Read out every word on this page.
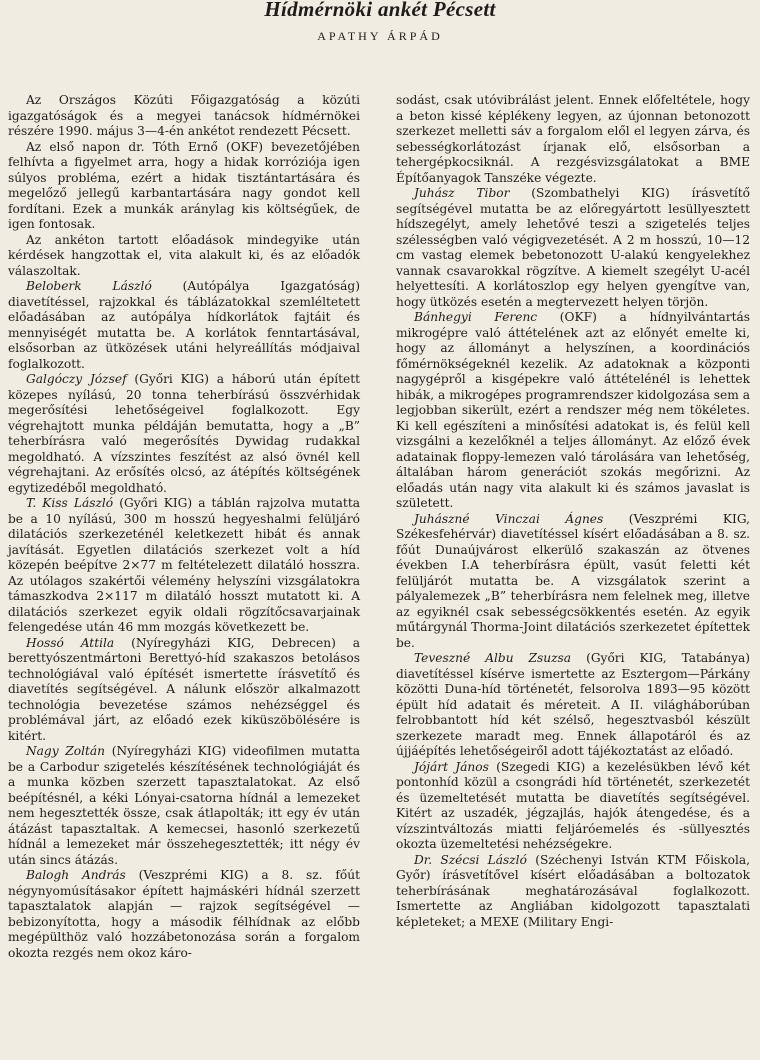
Hídmérnöki ankét Pécsett
APATHY ÁRPÁD

Az Országos Közúti Főigazgatóság a közúti igazgatóságok és a megyei tanácsok hídmérnökei részére 1990. május 3—4-én ankétot rendezett Pécsett.

Az első napon dr. Tóth Ernő (OKF) bevezetőjében felhívta a figyelmet arra, hogy a hidak korróziója igen súlyos probléma, ezért a hidak tisztántartására és megelőző jellegű karbantartására nagy gondot kell fordítani. Ezek a munkák aránylag kis költségűek, de igen fontosak.

Az ankéton tartott előadások mindegyike után kérdések hangzottak el, vita alakult ki, és az előadók válaszoltak.

Beloberk László (Autópálya Igazgatóság) diavetítéssel, rajzokkal és táblázatokkal szemléltetett előadásában az autópálya hídkorlátok fajtáit és mennyiségét mutatta be. A korlátok fenntartásával, elsősorban az ütközések utáni helyreállítás módjaival foglalkozott.

Galgóczy József (Győri KIG) a háború után épített közepes nyílású, 20 tonna teherbírású összvérhidak megerősítési lehetőségeivel foglalkozott. Egy végrehajtott munka példáján bemutatta, hogy a „B” teherbírásra való megerősítés Dywidag rudakkal megoldható. A vízszintes feszítést az alsó övnél kell végrehajtani. Az erősítés olcsó, az átépítés költségének egytizedéből megoldható.

T. Kiss László (Győri KIG) a táblán rajzolva mutatta be a 10 nyílású, 300 m hosszú hegyeshalmi felüljáró dilatációs szerkezeténél keletkezett hibát és annak javítását. Egyetlen dilatációs szerkezet volt a híd közepén beépítve 2×77 m feltételezett dilatáló hosszra. Az utólagos szakértői vélemény helyszíni vizsgálatokra támaszkodva 2×117 m dilatáló hosszt mutatott ki. A dilatációs szerkezet egyik oldali rögzítőcsavarjainak felengedése után 46 mm mozgás következett be.

Hossó Attila (Nyíregyházi KIG, Debrecen) a berettyószentmártoni Berettyó-híd szakaszos betolásos technológiával való építését ismertette írásvetítő és diavetítés segítségével. A nálunk először alkalmazott technológia bevezetése számos nehézséggel és problémával járt, az előadó ezek kiküszöbölésére is kitért.

Nagy Zoltán (Nyíregyházi KIG) videofilmen mutatta be a Carbodur szigetelés készítésének technológiáját és a munka közben szerzett tapasztalatokat. Az első beépítésnél, a kéki Lónyai-csatorna hídnál a lemezeket nem hegesztették össze, csak átlapolták; itt egy év után átázást tapasztaltak. A kemecsei, hasonló szerkezetű hídnál a lemezeket már összehegesztették; itt négy év után sincs átázás.

Balogh András (Veszprémi KIG) a 8. sz. főút négynyomúsításakor épített hajmáskéri hídnál szerzett tapasztalatok alapján — rajzok segítségével — bebizonyította, hogy a második félhídnak az előbb megépülthöz való hozzábetonozása során a forgalom okozta rezgés nem okoz káro-

sodást, csak utóvibrálást jelent. Ennek előfeltétele, hogy a beton kissé képlékeny legyen, az újonnan betonozott szerkezet melletti sáv a forgalom elől el legyen zárva, és sebességkorlátozást írjanak elő, elsősorban a tehergépkocsiknál. A rezgésvizsgálatokat a BME Építőanyagok Tanszéke végezte.

Juhász Tibor (Szombathelyi KIG) írásvetítő segítségével mutatta be az előregyártott lesüllyesztett hídszegélyt, amely lehetővé teszi a szigetelés teljes szélességben való végigvezetését. A 2 m hosszú, 10—12 cm vastag elemek bebetonozott U-alakú kengyelekhez vannak csavarokkal rögzítve. A kiemelt szegélyt U-acél helyettesíti. A korlátoszlop egy helyen gyengítve van, hogy ütközés esetén a megtervezett helyen törjön.

Bánhegyi Ferenc (OKF) a hídnyilvántartás mikrogépre való áttételének azt az előnyét emelte ki, hogy az állományt a helyszínen, a koordinációs főmérnökségeknél kezelik. Az adatoknak a központi nagygépről a kisgépekre való áttételénél is lehettek hibák, a mikrogépes programrendszer kidolgozása sem a legjobban sikerült, ezért a rendszer még nem tökéletes. Ki kell egészíteni a minősítési adatokat is, és felül kell vizsgálni a kezelőknél a teljes állományt. Az előző évek adatainak floppy-lemezen való tárolására van lehetőség, általában három generációt szokás megőrizni. Az előadás után nagy vita alakult ki és számos javaslat is született.

Juhászné Vinczai Ágnes (Veszprémi KIG, Székesfehérvár) diavetítéssel kísért előadásában a 8. sz. főút Dunaújvárost elkerülő szakaszán az ötvenes években I.A teherbírásra épült, vasút feletti két felüljárót mutatta be. A vizsgálatok szerint a pályalemezek „B” teherbírásra nem felelnek meg, illetve az egyiknél csak sebességcsökkentés esetén. Az egyik műtárgynál Thorma-Joint dilatációs szerkezetet építettek be.

Teveszné Albu Zsuzsa (Győri KIG, Tatabánya) diavetítéssel kísérve ismertette az Esztergom—Párkány közötti Duna-híd történetét, felsorolva 1893—95 között épült híd adatait és méreteit. A II. világháborúban felrobbantott híd két szélső, hegesztvasból készült szerkezete maradt meg. Ennek állapotáról és az újjáépítés lehetőségeiről adott tájékoztatást az előadó.

Jójárt János (Szegedi KIG) a kezelésükben lévő két pontonhíd közül a csongrádi híd történetét, szerkezetét és üzemeltetését mutatta be diavetítés segítségével. Kitért az uszadék, jégzajlás, hajók átengedése, és a vízszintváltozás miatti feljáróemelés és -süllyesztés okozta üzemeltetési nehézségekre.

Dr. Szécsi László (Széchenyi István KTM Főiskola, Győr) írásvetítővel kísért előadásában a boltozatok teherbírásának meghatározásával foglalkozott. Ismertette az Angliában kidolgozott tapasztalati képleteket; a MEXE (Military Engi-
